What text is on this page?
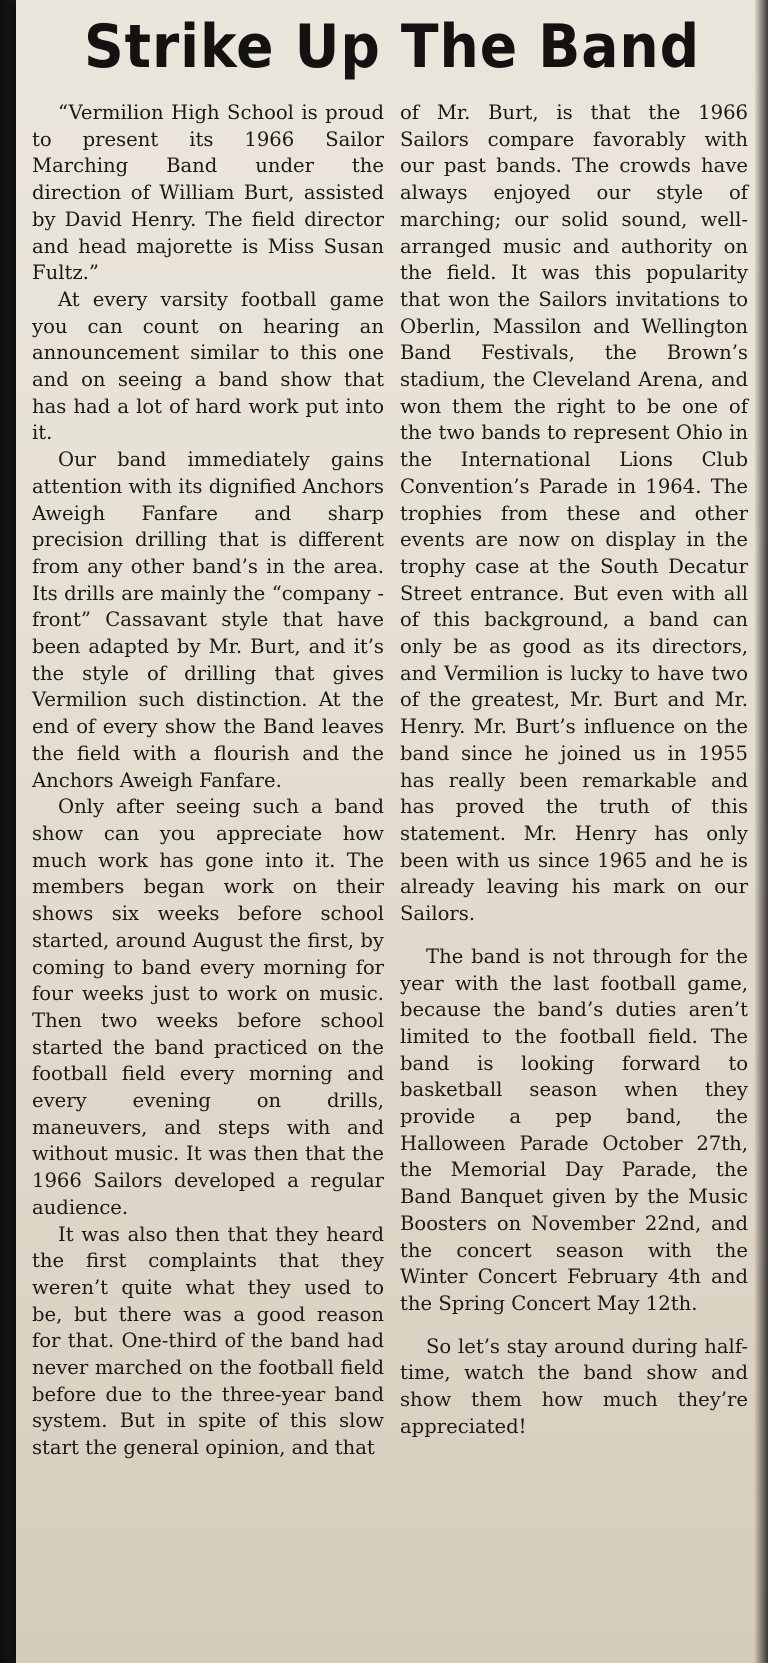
Strike Up The Band

“Vermilion High School is proud to present its 1966 Sailor Marching Band under the direction of William Burt, assisted by David Henry. The field director and head majorette is Miss Susan Fultz.”

At every varsity football game you can count on hearing an announcement similar to this one and on seeing a band show that has had a lot of hard work put into it.

Our band immediately gains attention with its dignified Anchors Aweigh Fanfare and sharp precision drilling that is different from any other band’s in the area. Its drills are mainly the “company - front” Cassavant style that have been adapted by Mr. Burt, and it’s the style of drilling that gives Vermilion such distinction. At the end of every show the Band leaves the field with a flourish and the Anchors Aweigh Fanfare.

Only after seeing such a band show can you appreciate how much work has gone into it. The members began work on their shows six weeks before school started, around August the first, by coming to band every morning for four weeks just to work on music. Then two weeks before school started the band practiced on the football field every morning and every evening on drills, maneuvers, and steps with and without music. It was then that the 1966 Sailors developed a regular audience.

It was also then that they heard the first complaints that they weren’t quite what they used to be, but there was a good reason for that. One-third of the band had never marched on the football field before due to the three-year band system. But in spite of this slow start the general opinion, and that

of Mr. Burt, is that the 1966 Sailors compare favorably with our past bands. The crowds have always enjoyed our style of marching; our solid sound, well-arranged music and authority on the field. It was this popularity that won the Sailors invitations to Oberlin, Massilon and Wellington Band Festivals, the Brown’s stadium, the Cleveland Arena, and won them the right to be one of the two bands to represent Ohio in the International Lions Club Convention’s Parade in 1964. The trophies from these and other events are now on display in the trophy case at the South Decatur Street entrance. But even with all of this background, a band can only be as good as its directors, and Vermilion is lucky to have two of the greatest, Mr. Burt and Mr. Henry. Mr. Burt’s influence on the band since he joined us in 1955 has really been remarkable and has proved the truth of this statement. Mr. Henry has only been with us since 1965 and he is already leaving his mark on our Sailors.

The band is not through for the year with the last football game, because the band’s duties aren’t limited to the football field. The band is looking forward to basketball season when they provide a pep band, the Halloween Parade October 27th, the Memorial Day Parade, the Band Banquet given by the Music Boosters on November 22nd, and the concert season with the Winter Concert February 4th and the Spring Concert May 12th.

So let’s stay around during half-time, watch the band show and show them how much they’re appreciated!
